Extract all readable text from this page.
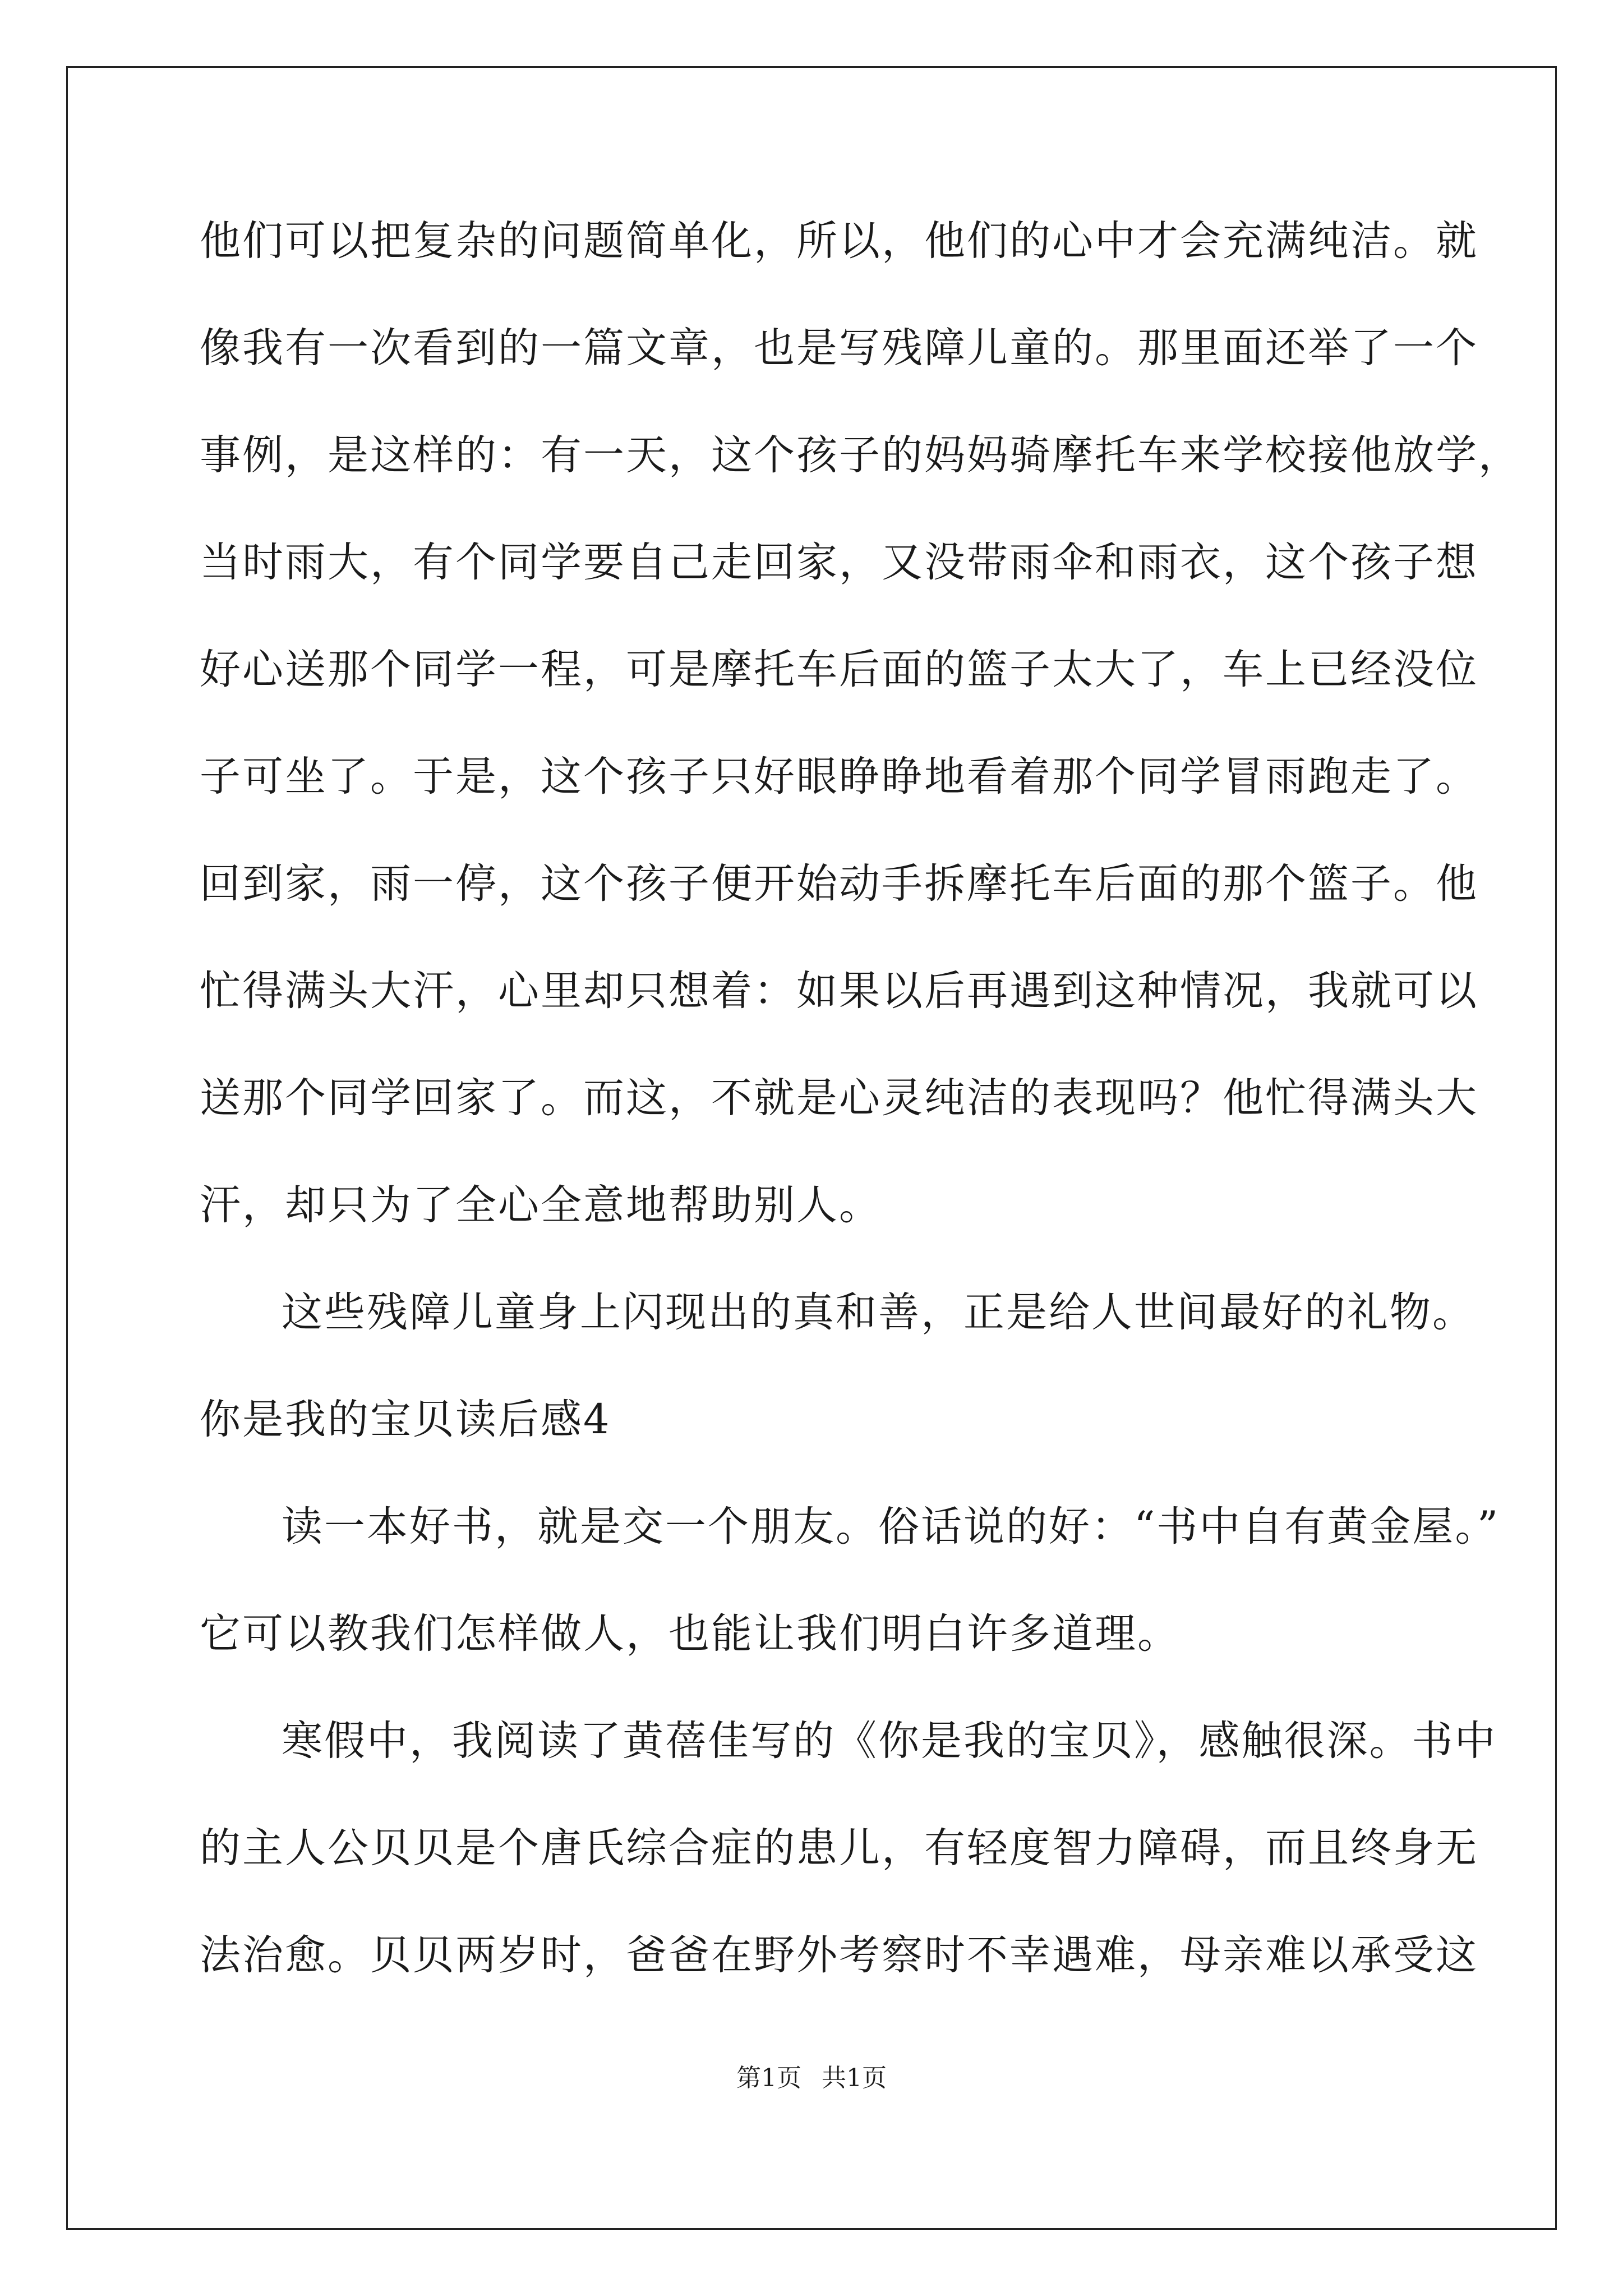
他们可以把复杂的问题简单化，所以，他们的心中才会充满纯洁。就
像我有一次看到的一篇文章，也是写残障儿童的。那里面还举了一个
事例，是这样的：有一天，这个孩子的妈妈骑摩托车来学校接他放学，
当时雨大，有个同学要自己走回家，又没带雨伞和雨衣，这个孩子想
好心送那个同学一程，可是摩托车后面的篮子太大了，车上已经没位
子可坐了。于是，这个孩子只好眼睁睁地看着那个同学冒雨跑走了。
回到家，雨一停，这个孩子便开始动手拆摩托车后面的那个篮子。他
忙得满头大汗，心里却只想着：如果以后再遇到这种情况，我就可以
送那个同学回家了。而这，不就是心灵纯洁的表现吗？他忙得满头大
汗，却只为了全心全意地帮助别人。
这些残障儿童身上闪现出的真和善，正是给人世间最好的礼物。
你是我的宝贝读后感4
读一本好书，就是交一个朋友。俗话说的好：“书中自有黄金屋。”
它可以教我们怎样做人，也能让我们明白许多道理。
寒假中，我阅读了黄蓓佳写的《你是我的宝贝》，感触很深。书中
的主人公贝贝是个唐氏综合症的患儿，有轻度智力障碍，而且终身无
法治愈。贝贝两岁时，爸爸在野外考察时不幸遇难，母亲难以承受这
第1页 共1页
